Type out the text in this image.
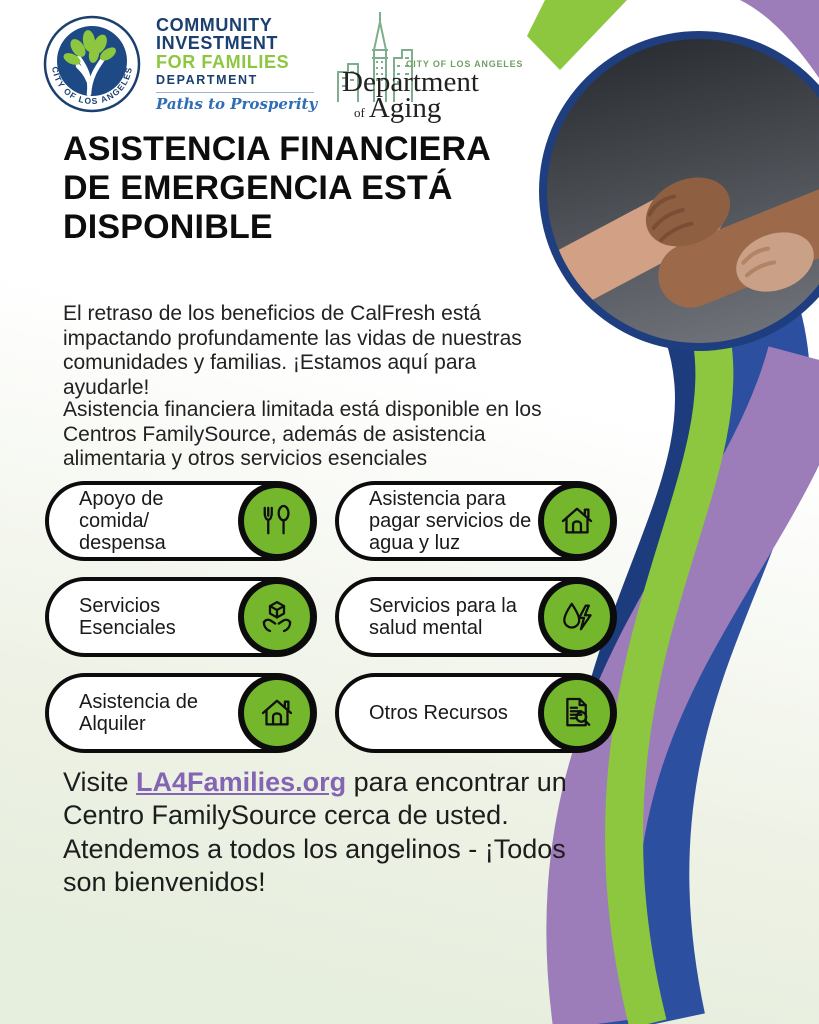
CITY OF LOS ANGELES
COMMUNITY
INVESTMENT
FOR FAMILIES
DEPARTMENT
Paths to Prosperity
CITY OF LOS ANGELES
Department
of Aging
ASISTENCIA FINANCIERA DE EMERGENCIA ESTÁ DISPONIBLE

El retraso de los beneficios de CalFresh está impactando profundamente las vidas de nuestras comunidades y familias. ¡Estamos aquí para ayudarle!

Asistencia financiera limitada está disponible en los Centros FamilySource, además de asistencia alimentaria y otros servicios esenciales

Apoyo de comida/ despensa
Asistencia para pagar servicios de agua y luz
Servicios Esenciales
Servicios para la salud mental
Asistencia de Alquiler	Otros Recursos

Visite LA4Families.org para encontrar un Centro FamilySource cerca de usted. Atendemos a todos los angelinos - ¡Todos son bienvenidos!
